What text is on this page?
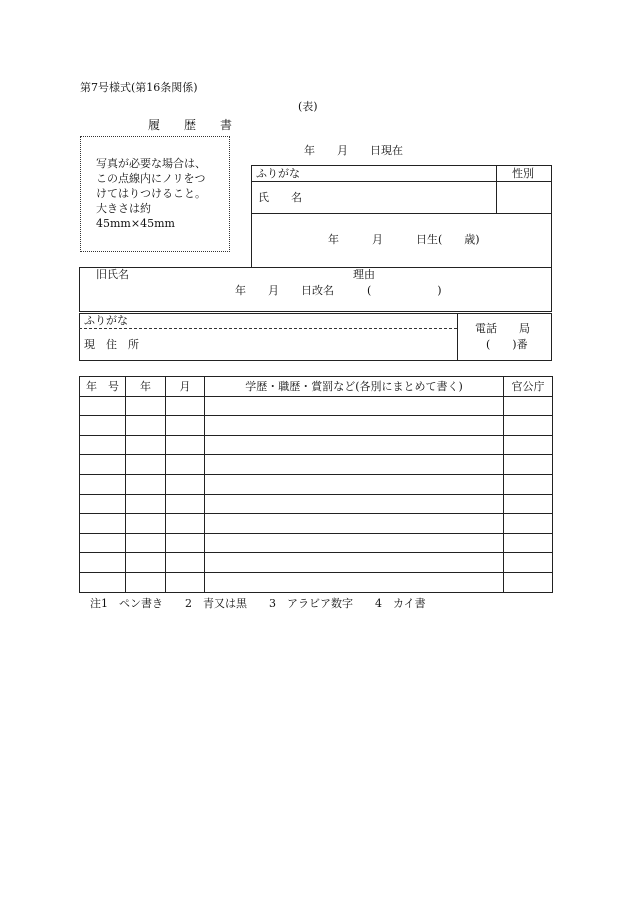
第7号様式(第16条関係)
(表)
履　　歴　　書
年　　月　　日現在
写真が必要な場合は、この点線内にノリをつけてはりつけること。大きさは約45mm×45mm
ふりがな	性別
氏　　名
年　　　月　　　日生(　　歳)
旧氏名	理由
年　　月　　日改名　　　(　　　　　　)
ふりがな
現　住　所
電話　　局
(　　)番
年　号	年	月	学歴・職歴・賞罰など(各別にまとめて書く)	官公庁

注1　ペン書き　　2　青又は黒　　3　アラビア数字　　4　カイ書
